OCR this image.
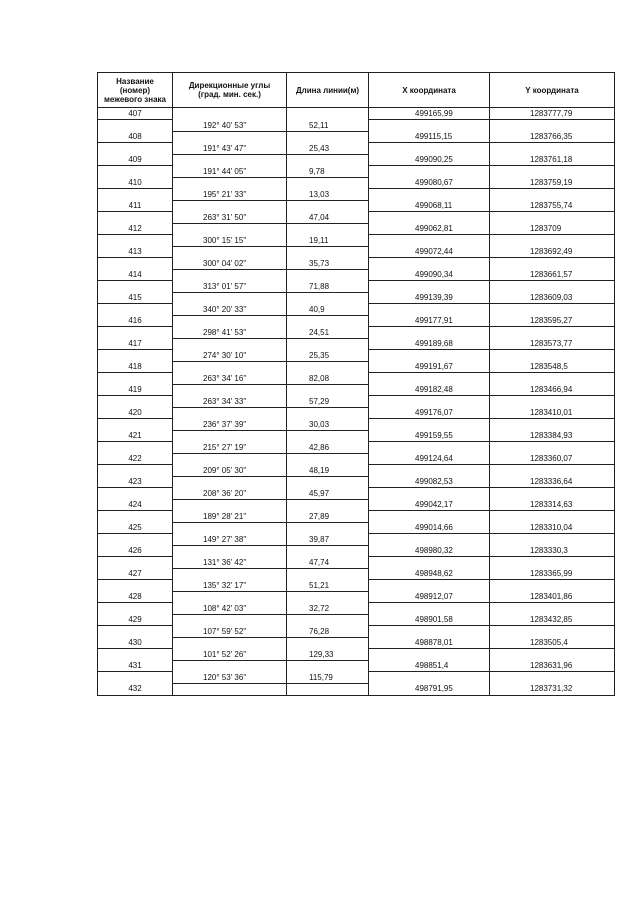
Название
(номер)
межевого знака	Дирекционные углы
(град. мин. сек.)	Длина линии(м)	X координата	Y координата
407			499165,99	1283777,79
	192° 40' 53"	52,11		
408			499115,15	1283766,35
	191° 43' 47"	25,43		
409			499090,25	1283761,18
	191° 44' 05"	9,78		
410			499080,67	1283759,19
	195° 21' 33"	13,03		
411			499068,11	1283755,74
	263° 31' 50"	47,04		
412			499062,81	1283709
	300° 15' 15"	19,11		
413			499072,44	1283692,49
	300° 04' 02"	35,73		
414			499090,34	1283661,57
	313° 01' 57"	71,88		
415			499139,39	1283609,03
	340° 20' 33"	40,9		
416			499177,91	1283595,27
	298° 41' 53"	24,51		
417			499189,68	1283573,77
	274° 30' 10"	25,35		
418			499191,67	1283548,5
	263° 34' 16"	82,08		
419			499182,48	1283466,94
	263° 34' 33"	57,29		
420			499176,07	1283410,01
	236° 37' 39"	30,03		
421			499159,55	1283384,93
	215° 27' 19"	42,86		
422			499124,64	1283360,07
	209° 05' 30"	48,19		
423			499082,53	1283336,64
	208° 36' 20"	45,97		
424			499042,17	1283314,63
	189° 28' 21"	27,89		
425			499014,66	1283310,04
	149° 27' 38"	39,87		
426			498980,32	1283330,3
	131° 36' 42"	47,74		
427			498948,62	1283365,99
	135° 32' 17"	51,21		
428			498912,07	1283401,86
	108° 42' 03"	32,72		
429			498901,58	1283432,85
	107° 59' 52"	76,28		
430			498878,01	1283505,4
	101° 52' 26"	129,33		
431			498851,4	1283631,96
	120° 53' 36"	115,79		
432			498791,95	1283731,32
